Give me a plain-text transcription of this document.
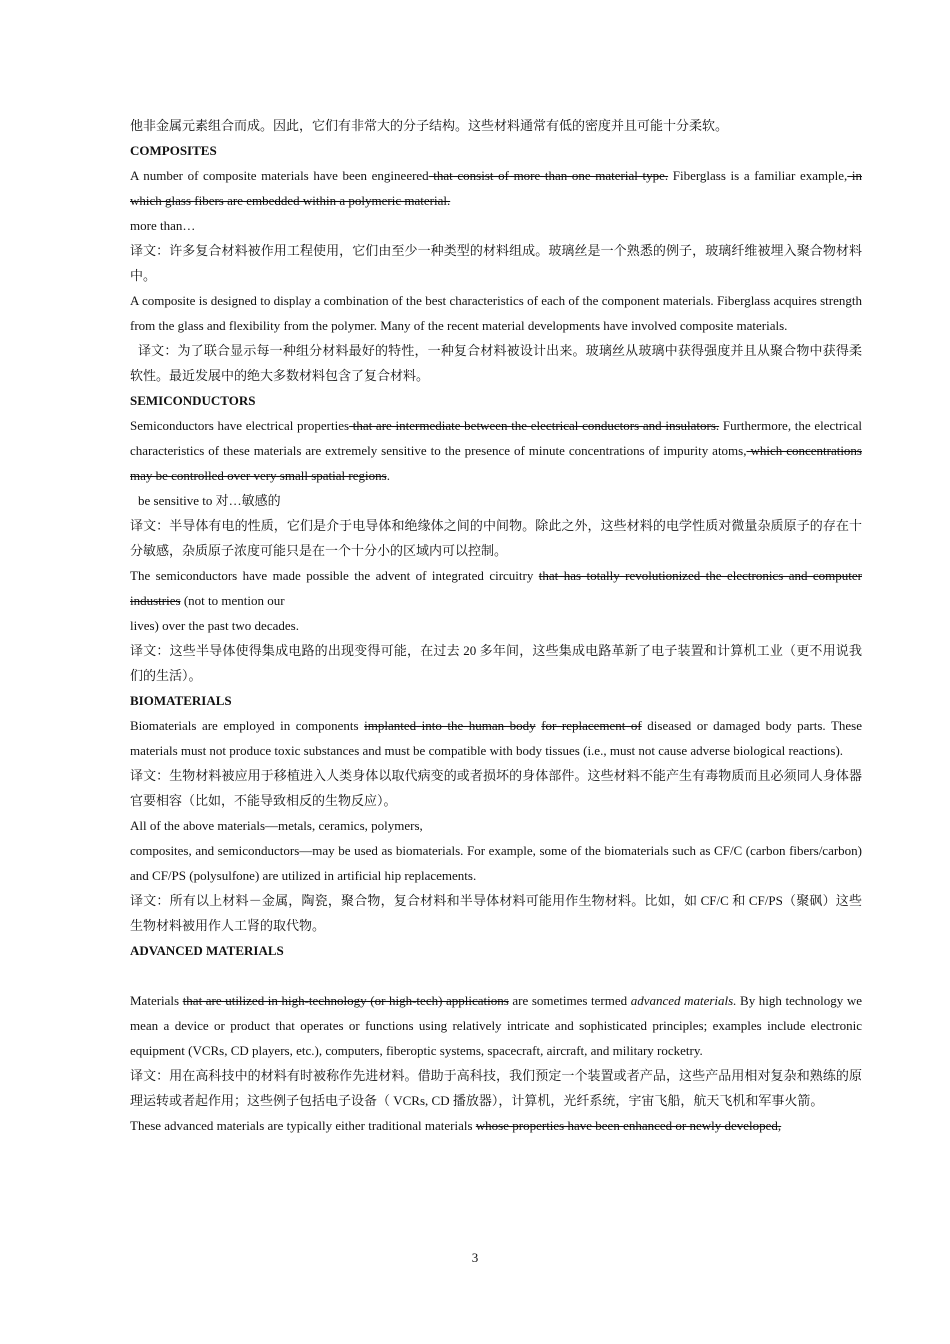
他非金属元素组合而成。因此，它们有非常大的分子结构。这些材料通常有低的密度并且可能十分柔软。

COMPOSITES

A number of composite materials have been engineered that consist of more than one material type. Fiberglass is a familiar example, in which glass fibers are embedded within a polymeric material.

more than…

译文：许多复合材料被作用工程使用，它们由至少一种类型的材料组成。玻璃丝是一个熟悉的例子，玻璃纤维被埋入聚合物材料中。

A composite is designed to display a combination of the best characteristics of each of the component materials. Fiberglass acquires strength from the glass and flexibility from the polymer. Many of the recent material developments have involved composite materials.

译文：为了联合显示每一种组分材料最好的特性，一种复合材料被设计出来。玻璃丝从玻璃中获得强度并且从聚合物中获得柔软性。最近发展中的绝大多数材料包含了复合材料。

SEMICONDUCTORS

Semiconductors have electrical properties that are intermediate between the electrical conductors and insulators. Furthermore, the electrical characteristics of these materials are extremely sensitive to the presence of minute concentrations of impurity atoms, which concentrations may be controlled over very small spatial regions.

be sensitive to 对…敏感的

译文：半导体有电的性质，它们是介于电导体和绝缘体之间的中间物。除此之外，这些材料的电学性质对微量杂质原子的存在十分敏感，杂质原子浓度可能只是在一个十分小的区域内可以控制。

The semiconductors have made possible the advent of integrated circuitry that has totally revolutionized the electronics and computer industries (not to mention our

lives) over the past two decades.

译文：这些半导体使得集成电路的出现变得可能，在过去 20 多年间，这些集成电路革新了电子装置和计算机工业（更不用说我们的生活）。

BIOMATERIALS

Biomaterials are employed in components implanted into the human body for replacement of diseased or damaged body parts. These materials must not produce toxic substances and must be compatible with body tissues (i.e., must not cause adverse biological reactions).

译文：生物材料被应用于移植进入人类身体以取代病变的或者损坏的身体部件。这些材料不能产生有毒物质而且必须同人身体器官要相容（比如，不能导致相反的生物反应）。

All of the above materials—metals, ceramics, polymers,

composites, and semiconductors—may be used as biomaterials. For example, some of the biomaterials such as CF/C (carbon fibers/carbon) and CF/PS (polysulfone) are utilized in artificial hip replacements.

译文：所有以上材料－金属，陶瓷，聚合物，复合材料和半导体材料可能用作生物材料。比如，如 CF/C 和 CF/PS（聚砜）这些生物材料被用作人工肾的取代物。

ADVANCED MATERIALS

Materials that are utilized in high-technology (or high-tech) applications are sometimes termed advanced materials. By high technology we mean a device or product that operates or functions using relatively intricate and sophisticated principles; examples include electronic equipment (VCRs, CD players, etc.), computers, fiberoptic systems, spacecraft, aircraft, and military rocketry.

译文：用在高科技中的材料有时被称作先进材料。借助于高科技，我们预定一个装置或者产品，这些产品用相对复杂和熟练的原理运转或者起作用；这些例子包括电子设备（ VCRs, CD 播放器），计算机，光纤系统，宇宙飞船，航天飞机和军事火箭。

These advanced materials are typically either traditional materials whose properties have been enhanced or newly developed,

3
